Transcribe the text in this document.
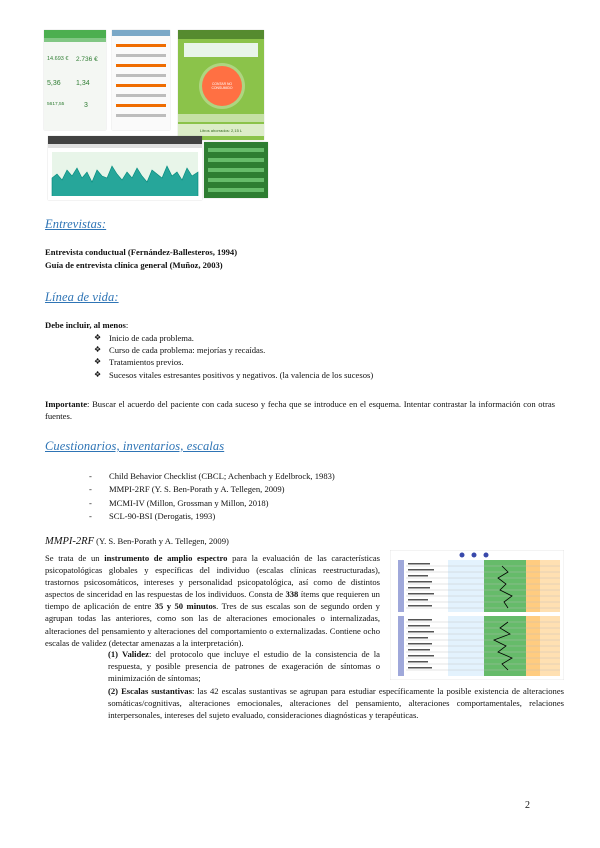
14.693 € 2.736 €
5,36 1,34
5617,55	3
CONTAR NO CONSUMIDO
Litros ahorrados: 2,15 L
Entrevistas:
Entrevista conductual (Fernández-Ballesteros, 1994)
Guía de entrevista clínica general (Muñoz, 2003)
Línea de vida:
Debe incluir, al menos:
❖ Inicio de cada problema.
❖ Curso de cada problema: mejorías y recaídas.
❖ Tratamientos previos.
❖ Sucesos vitales estresantes positivos y negativos. (la valencia de los sucesos)
Importante: Buscar el acuerdo del paciente con cada suceso y fecha que se introduce en el esquema. Intentar contrastar la información con otras fuentes.
Cuestionarios, inventarios, escalas
- Child Behavior Checklist (CBCL; Achenbach y Edelbrock, 1983)
- MMPI-2RF (Y. S. Ben-Porath y A. Tellegen, 2009)
- MCMI-IV (Millon, Grossman y Millon, 2018)
- SCL-90-BSI (Derogatis, 1993)
MMPI-2RF (Y. S. Ben-Porath y A. Tellegen, 2009)
Se trata de un instrumento de amplio espectro para la evaluación de las características psicopatológicas globales y específicas del individuo (escalas clínicas reestructuradas), trastornos psicosomáticos, intereses y personalidad psicopatológica, así como de distintos aspectos de sinceridad en las respuestas de los individuos. Consta de 338 ítems que requieren un tiempo de aplicación de entre 35 y 50 minutos. Tres de sus escalas son de segundo orden y agrupan todas las anteriores, como son las de alteraciones emocionales o internalizadas, alteraciones del pensamiento y alteraciones del comportamiento o externalizadas. Contiene ocho escalas de validez (detectar amenazas a la interpretación).
(1) Validez: del protocolo que incluye el estudio de la consistencia de la respuesta, y posible presencia de patrones de exageración de síntomas o minimización de síntomas;
(2) Escalas sustantivas: las 42 escalas sustantivas se agrupan para estudiar específicamente la posible existencia de alteraciones somáticas/cognitivas, alteraciones emocionales, alteraciones del pensamiento, alteraciones comportamentales, relaciones interpersonales, intereses del sujeto evaluado, consideraciones diagnósticas y terapéuticas.
2
